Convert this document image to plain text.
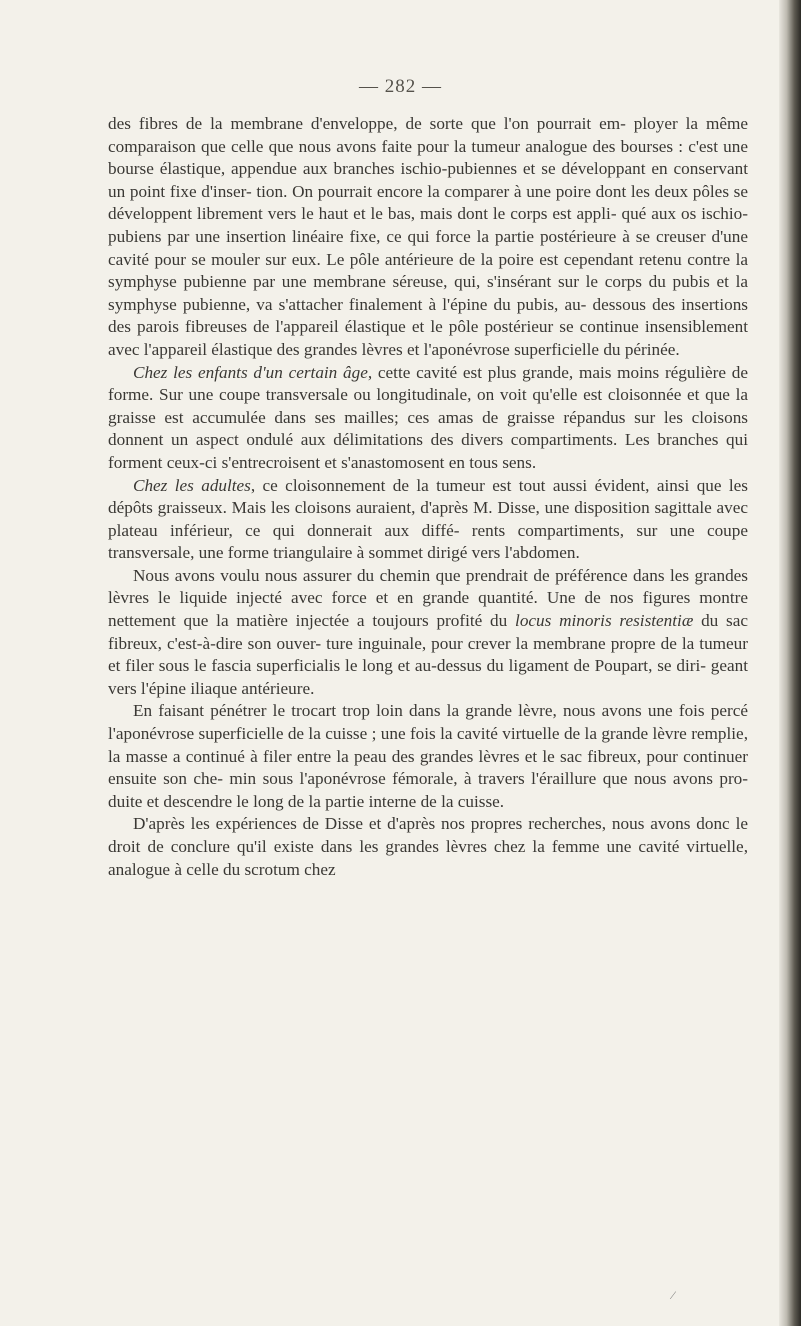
— 282 —

des fibres de la membrane d'enveloppe, de sorte que l'on pourrait em- ployer la même comparaison que celle que nous avons faite pour la tumeur analogue des bourses : c'est une bourse élastique, appendue aux branches ischio-pubiennes et se développant en conservant un point fixe d'inser- tion. On pourrait encore la comparer à une poire dont les deux pôles se développent librement vers le haut et le bas, mais dont le corps est appli- qué aux os ischio-pubiens par une insertion linéaire fixe, ce qui force la partie postérieure à se creuser d'une cavité pour se mouler sur eux. Le pôle antérieure de la poire est cependant retenu contre la symphyse pubienne par une membrane séreuse, qui, s'insérant sur le corps du pubis et la symphyse pubienne, va s'attacher finalement à l'épine du pubis, au- dessous des insertions des parois fibreuses de l'appareil élastique et le pôle postérieur se continue insensiblement avec l'appareil élastique des grandes lèvres et l'aponévrose superficielle du périnée.

Chez les enfants d'un certain âge, cette cavité est plus grande, mais moins régulière de forme. Sur une coupe transversale ou longitudinale, on voit qu'elle est cloisonnée et que la graisse est accumulée dans ses mailles; ces amas de graisse répandus sur les cloisons donnent un aspect ondulé aux délimitations des divers compartiments. Les branches qui forment ceux-ci s'entrecroisent et s'anastomosent en tous sens.

Chez les adultes, ce cloisonnement de la tumeur est tout aussi évident, ainsi que les dépôts graisseux. Mais les cloisons auraient, d'après M. Disse, une disposition sagittale avec plateau inférieur, ce qui donnerait aux diffé- rents compartiments, sur une coupe transversale, une forme triangulaire à sommet dirigé vers l'abdomen.

Nous avons voulu nous assurer du chemin que prendrait de préférence dans les grandes lèvres le liquide injecté avec force et en grande quantité. Une de nos figures montre nettement que la matière injectée a toujours profité du locus minoris resistentiæ du sac fibreux, c'est-à-dire son ouver- ture inguinale, pour crever la membrane propre de la tumeur et filer sous le fascia superficialis le long et au-dessus du ligament de Poupart, se diri- geant vers l'épine iliaque antérieure.

En faisant pénétrer le trocart trop loin dans la grande lèvre, nous avons une fois percé l'aponévrose superficielle de la cuisse ; une fois la cavité virtuelle de la grande lèvre remplie, la masse a continué à filer entre la peau des grandes lèvres et le sac fibreux, pour continuer ensuite son che- min sous l'aponévrose fémorale, à travers l'éraillure que nous avons pro- duite et descendre le long de la partie interne de la cuisse.

D'après les expériences de Disse et d'après nos propres recherches, nous avons donc le droit de conclure qu'il existe dans les grandes lèvres chez la femme une cavité virtuelle, analogue à celle du scrotum chez

⁄
